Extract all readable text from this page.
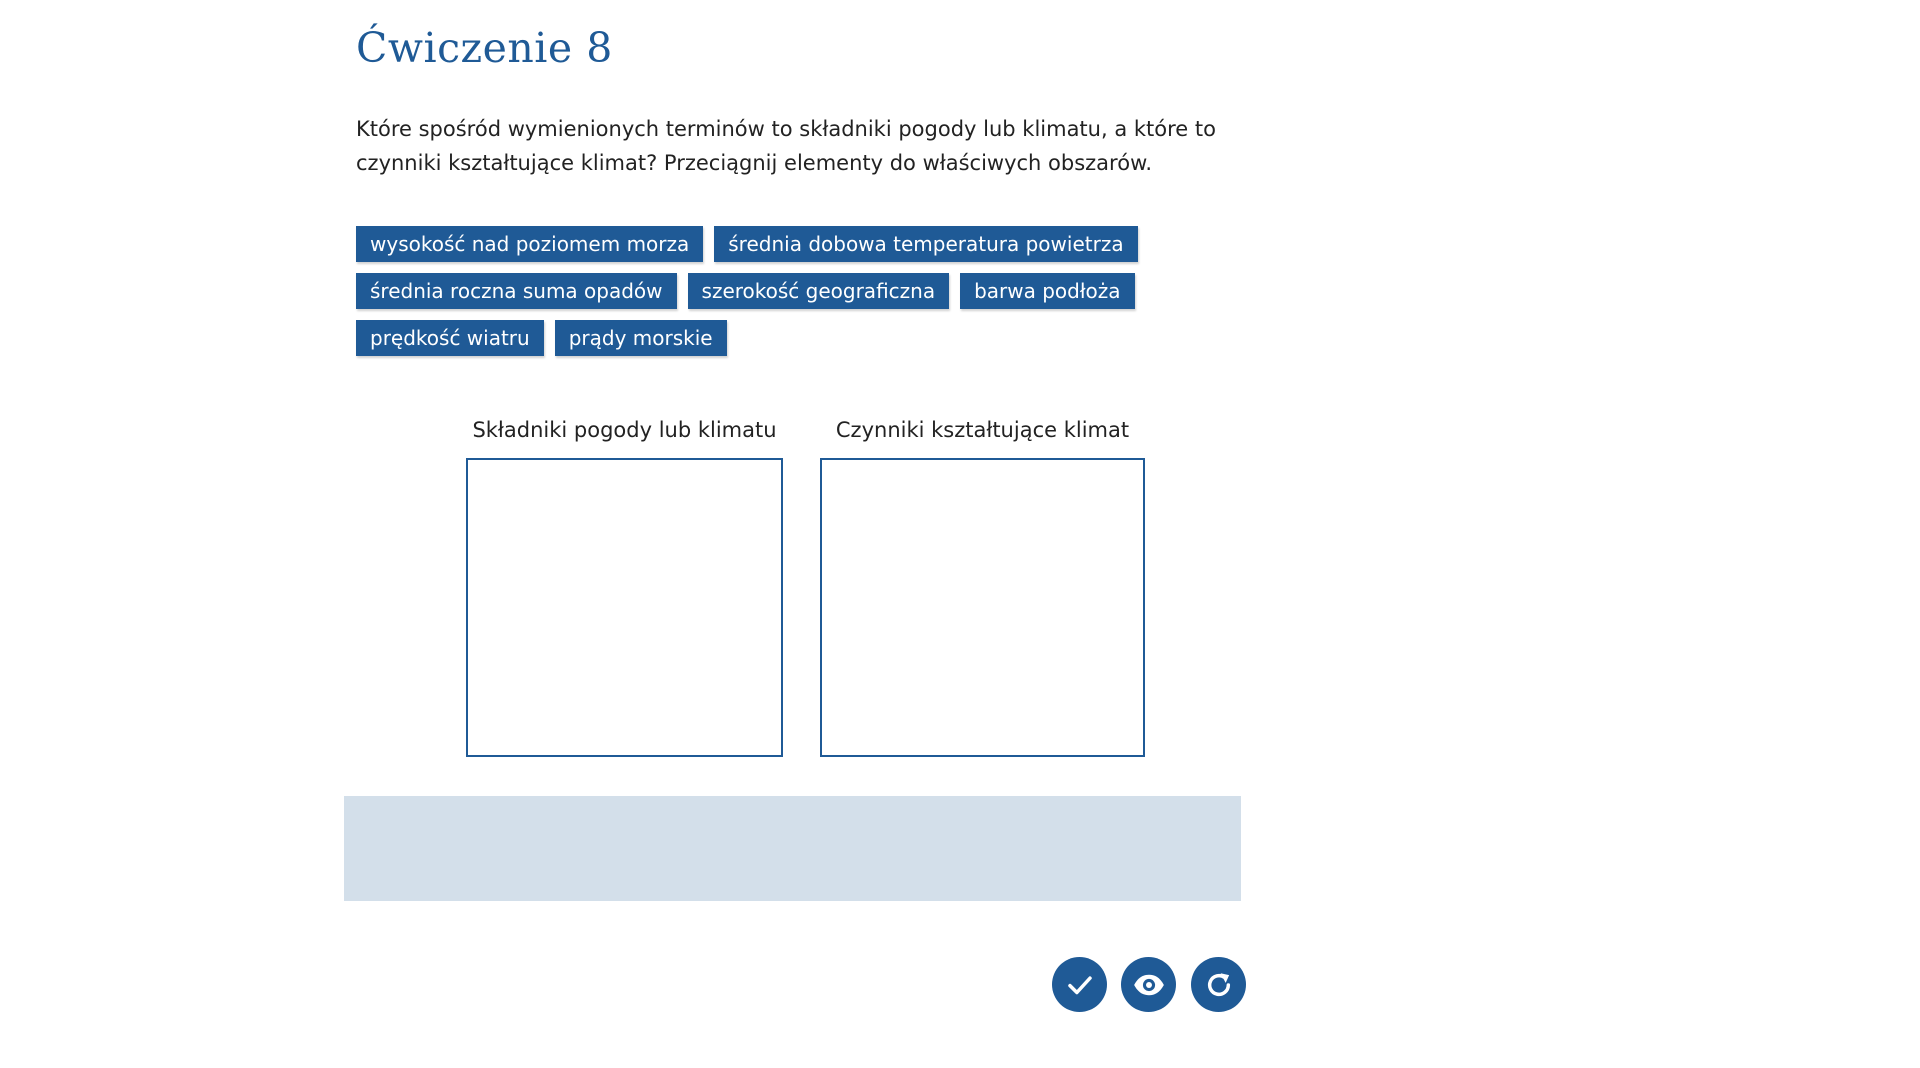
Ćwiczenie 8

Które spośród wymienionych terminów to składniki pogody lub klimatu, a które to czynniki kształtujące klimat? Przeciągnij elementy do właściwych obszarów.

wysokość nad poziomem morza średnia dobowa temperatura powietrza
średnia roczna suma opadów szerokość geograficzna barwa podłoża
prędkość wiatru prądy morskie
Składniki pogody lub klimatu	Czynniki kształtujące klimat
